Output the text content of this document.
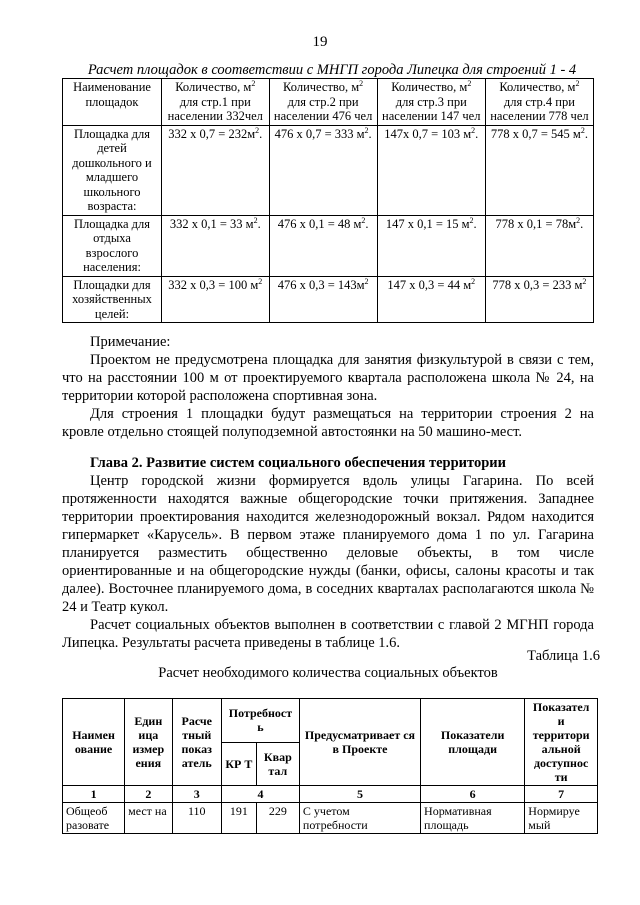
19
Расчет площадок в соответствии с МНГП города Липецка для строений 1 - 4
Наименование площадок	Количество, $м^2$ для стр.1 при населении 332чел	Количество, $м^2$ для стр.2 при населении 476 чел	Количество, $м^2$ для стр.3 при населении 147 чел	Количество, $м^2$ для стр.4 при населении 778 чел
Площадка для детей дошкольного и младшего школьного возраста:	332 х $0,7 = 232м^2$.	476 х 0,7 = 333 $м^2$.	147х 0,7 = 103 $м^2$.	778 х 0,7 = 545 $м^2$.
Площадка для отдыха взрослого населения:	332 х 0,1 = 33 $м^2$.	476 х 0,1 = 48 $м^2$.	147 х 0,1 = 15 $м^2$.	778 х $0,1 = 78м^2$.
Площадки для хозяйственных целей:	332 х 0,3 = 100 $м^2$	476 х $0,3 = 143м^2$	147 х 0,3 = 44 $м^2$	778 х 0,3 = 233 $м^2$

Примечание:

Проектом не предусмотрена площадка для занятия физкультурой в связи с тем, что на расстоянии 100 м от проектируемого квартала расположена школа № 24, на территории которой расположена спортивная зона.

Для строения 1 площадки будут размещаться на территории строения 2 на кровле отдельно стоящей полуподземной автостоянки на 50 машино-мест.

Глава 2. Развитие систем социального обеспечения территории

Центр городской жизни формируется вдоль улицы Гагарина. По всей протяженности находятся важные общегородские точки притяжения. Западнее территории проектирования находится железнодорожный вокзал. Рядом находится гипермаркет «Карусель». В первом этаже планируемого дома 1 по ул. Гагарина планируется разместить общественно деловые объекты, в том числе ориентированные и на общегородские нужды (банки, офисы, салоны красоты и так далее). Восточнее планируемого дома, в соседних кварталах располагаются школа № 24 и Театр кукол.

Расчет социальных объектов выполнен в соответствии с главой 2 МГНП города Липецка. Результаты расчета приведены в таблице 1.6.

Таблица 1.6
Расчет необходимого количества социальных объектов
Наимен ование	Един ица измер ения	Расче тный показ атель	Потребност ь		Предусматривает ся в Проекте	Показатели площади	Показател и территори альной доступнос ти
			КР Т	Квар тал			
1	2	3	4		5	6	7
Общеоб разовате	мест на	110	191	229	С учетом потребности	Нормативная площадь	Нормируе мый
